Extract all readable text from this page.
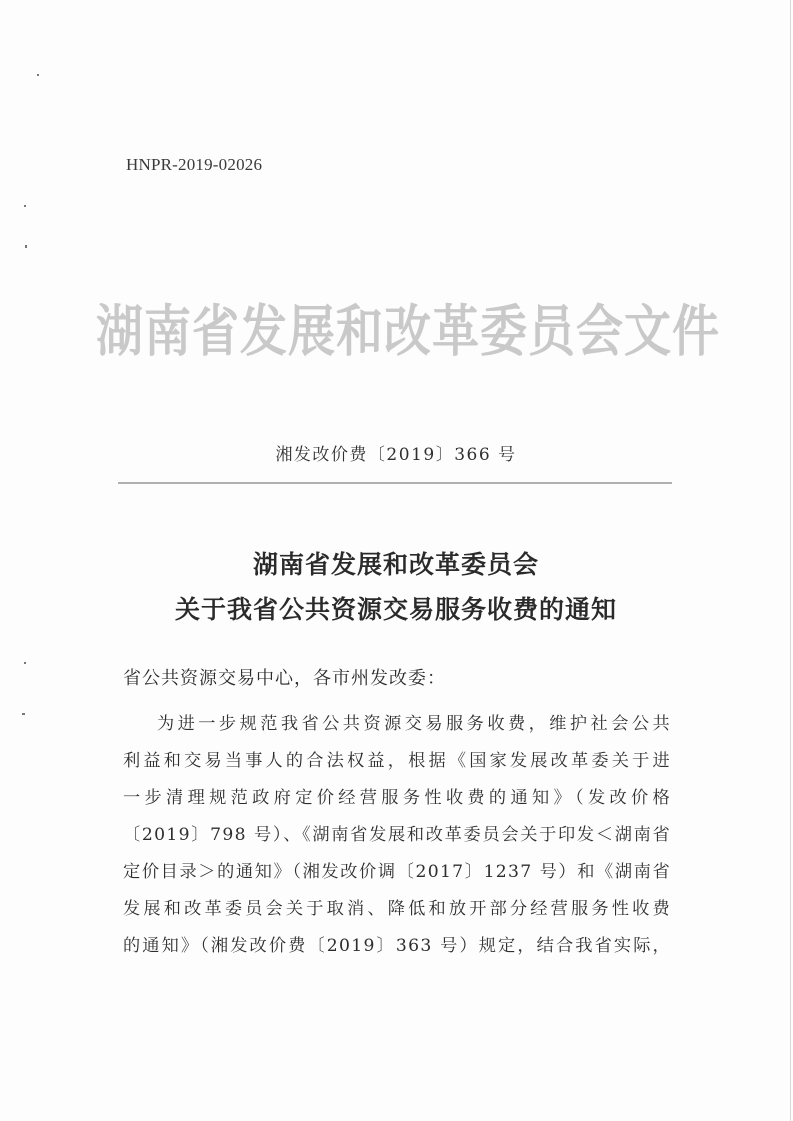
HNPR-2019-02026
湖南省发展和改革委员会文件
湘发改价费〔2019〕366 号
湖南省发展和改革委员会
关于我省公共资源交易服务收费的通知
省公共资源交易中心，各市州发改委：
为进一步规范我省公共资源交易服务收费，维护社会公共
利益和交易当事人的合法权益，根据《国家发展改革委关于进
一步清理规范政府定价经营服务性收费的通知》（发改价格
〔2019〕798 号）、《湖南省发展和改革委员会关于印发＜湖南省
定价目录＞的通知》（湘发改价调〔2017〕1237 号）和《湖南省
发展和改革委员会关于取消、降低和放开部分经营服务性收费
的通知》（湘发改价费〔2019〕363 号）规定，结合我省实际，
